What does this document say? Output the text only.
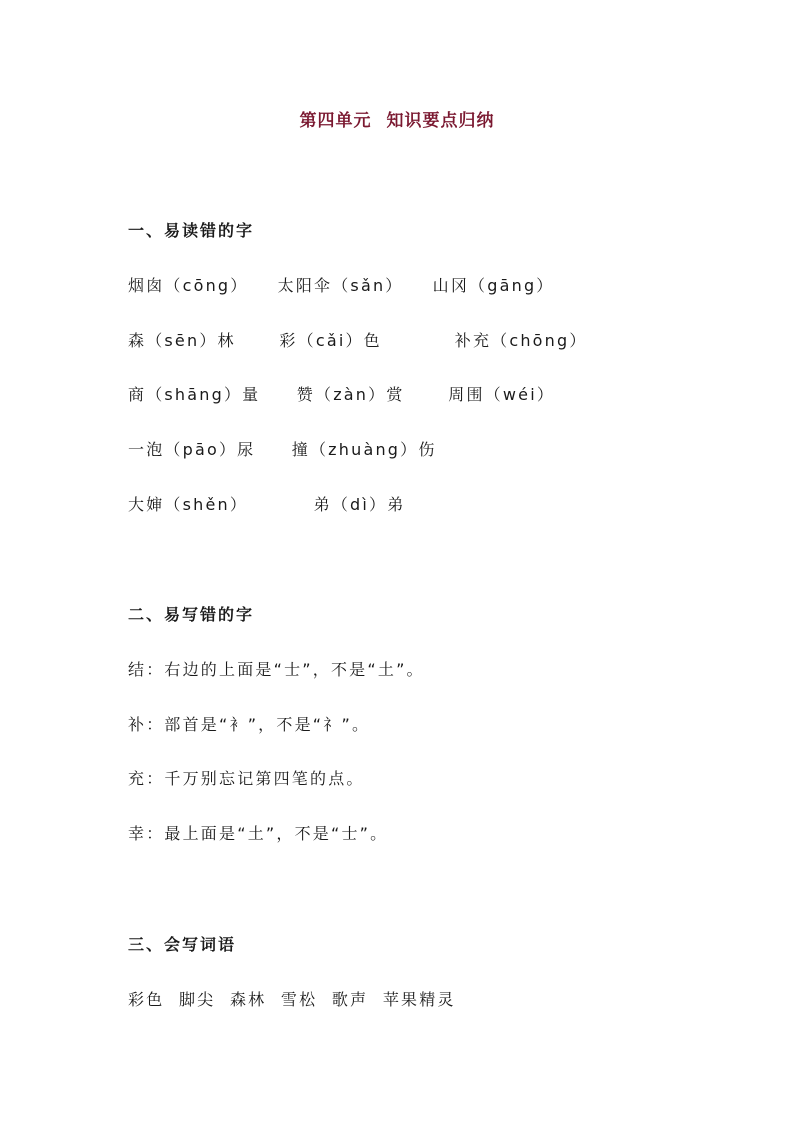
第四单元 知识要点归纳
一、易读错的字
烟囱（cōng）    太阳伞（sǎn）    山冈（gāng）
森（sēn）林      彩（cǎi）色          补充（chōng）
商（shāng）量     赞（zàn）赏      周围（wéi）
一泡（pāo）尿     撞（zhuàng）伤
大婶（shěn）         弟（dì）弟
二、易写错的字
结：右边的上面是“士”，不是“土”。
补：部首是“衤”，不是“礻”。
充：千万别忘记第四笔的点。
幸：最上面是“土”，不是“士”。
三、会写词语
彩色  脚尖  森林  雪松  歌声  苹果精灵
